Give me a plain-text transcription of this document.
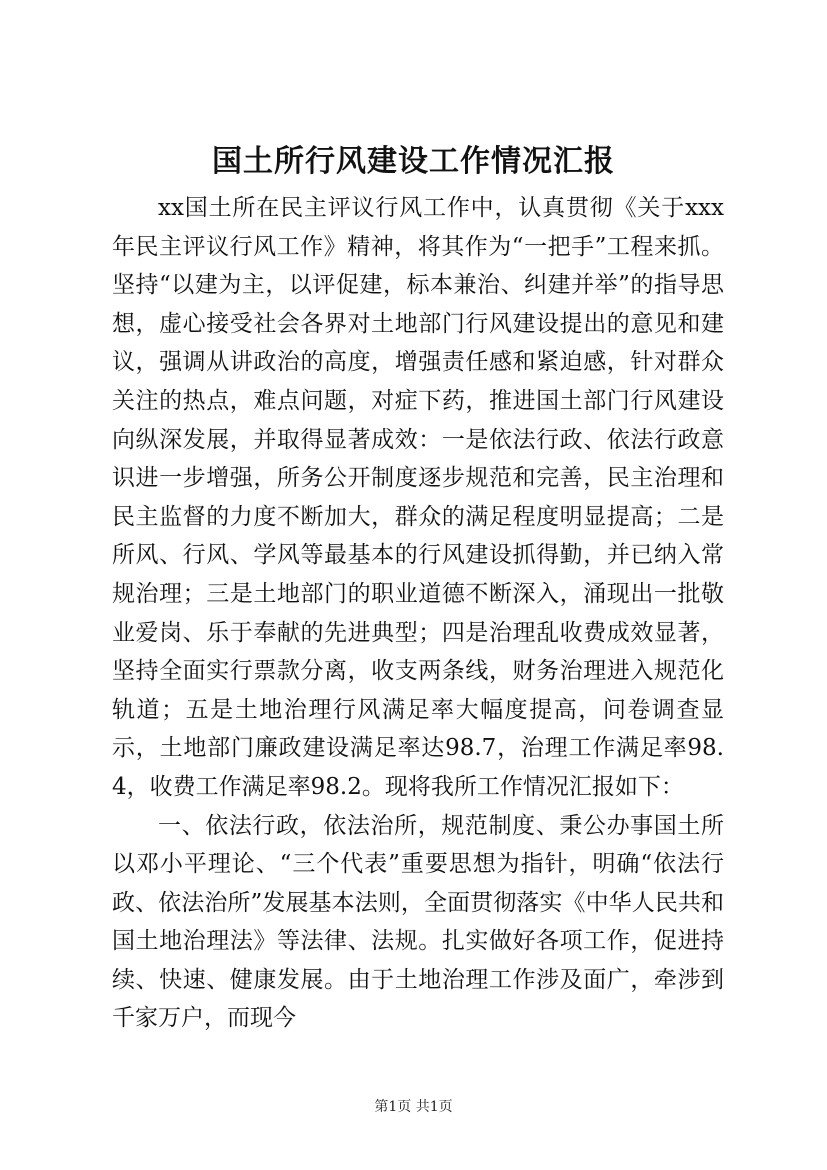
国土所行风建设工作情况汇报

xx国土所在民主评议行风工作中，认真贯彻《关于xxx年民主评议行风工作》精神，将其作为“一把手”工程来抓。坚持“以建为主，以评促建，标本兼治、纠建并举”的指导思想，虚心接受社会各界对土地部门行风建设提出的意见和建议，强调从讲政治的高度，增强责任感和紧迫感，针对群众关注的热点，难点问题，对症下药，推进国土部门行风建设向纵深发展，并取得显著成效：一是依法行政、依法行政意识进一步增强，所务公开制度逐步规范和完善，民主治理和民主监督的力度不断加大，群众的满足程度明显提高；二是所风、行风、学风等最基本的行风建设抓得勤，并已纳入常规治理；三是土地部门的职业道德不断深入，涌现出一批敬业爱岗、乐于奉献的先进典型；四是治理乱收费成效显著，坚持全面实行票款分离，收支两条线，财务治理进入规范化轨道；五是土地治理行风满足率大幅度提高，问卷调查显示，土地部门廉政建设满足率达98.7，治理工作满足率98.4，收费工作满足率98.2。现将我所工作情况汇报如下：

一、依法行政，依法治所，规范制度、秉公办事国土所以邓小平理论、“三个代表”重要思想为指针，明确“依法行政、依法治所”发展基本法则，全面贯彻落实《中华人民共和国土地治理法》等法律、法规。扎实做好各项工作，促进持续、快速、健康发展。由于土地治理工作涉及面广，牵涉到千家万户，而现今

第1页 共1页
